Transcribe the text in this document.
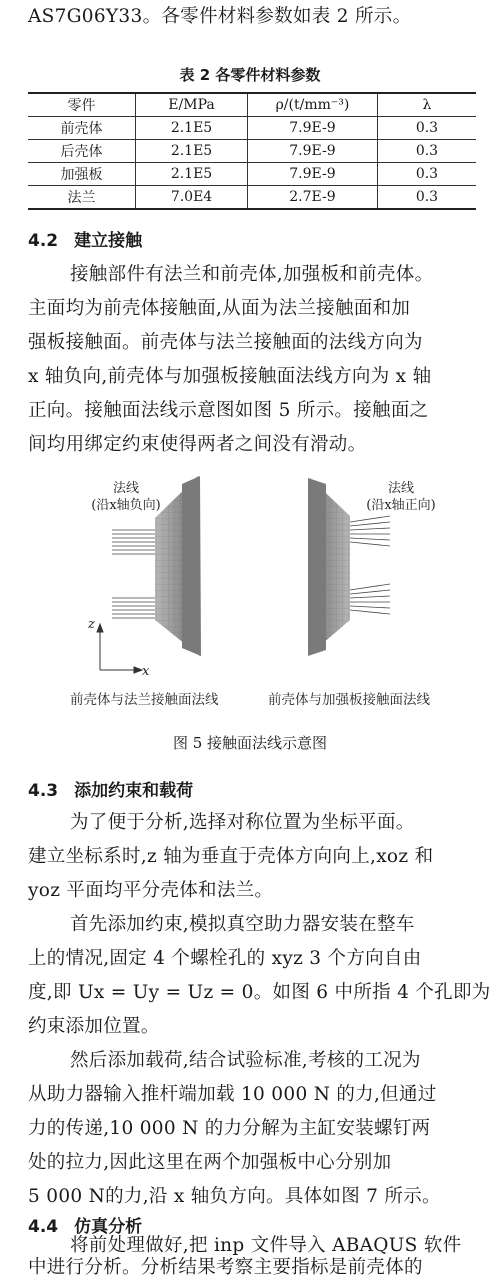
AS7G06Y33。各零件材料参数如表 2 所示。
表 2 各零件材料参数
零件	E/MPa	ρ/(t/mm⁻³)	λ
前壳体	2.1E5	7.9E-9	0.3
后壳体	2.1E5	7.9E-9	0.3
加强板	2.1E5	7.9E-9	0.3
法兰	7.0E4	2.7E-9	0.3
4.2 建立接触
接触部件有法兰和前壳体,加强板和前壳体。
主面均为前壳体接触面,从面为法兰接触面和加
强板接触面。前壳体与法兰接触面的法线方向为
x 轴负向,前壳体与加强板接触面法线方向为 x 轴
正向。接触面法线示意图如图 5 所示。接触面之
间均用绑定约束使得两者之间没有滑动。
法线
(沿x轴负向)
法线
(沿x轴正向)
z
x
前壳体与法兰接触面法线	前壳体与加强板接触面法线
图 5 接触面法线示意图
4.3 添加约束和载荷
为了便于分析,选择对称位置为坐标平面。
建立坐标系时,z 轴为垂直于壳体方向向上,xoz 和
yoz 平面均平分壳体和法兰。
首先添加约束,模拟真空助力器安装在整车
上的情况,固定 4 个螺栓孔的 xyz 3 个方向自由
度,即 Ux = Uy = Uz = 0。如图 6 中所指 4 个孔即为
约束添加位置。
然后添加载荷,结合试验标准,考核的工况为
从助力器输入推杆端加载 10 000 N 的力,但通过
力的传递,10 000 N 的力分解为主缸安装螺钉两
处的拉力,因此这里在两个加强板中心分别加
5 000 N的力,沿 x 轴负方向。具体如图 7 所示。
4.4 仿真分析
将前处理做好,把 inp 文件导入 ABAQUS 软件
中进行分析。分析结果考察主要指标是前壳体的
